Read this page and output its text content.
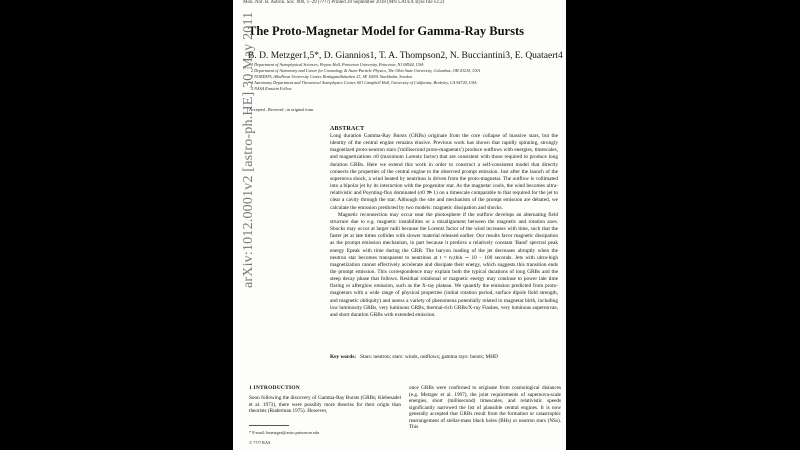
Mon. Not. R. Astron. Soc. 000, 1–29 (????) Printed 20 September 2018 (MN LATEX style file v2.2)
The Proto-Magnetar Model for Gamma-Ray Bursts
B. D. Metzger1,5*, D. Giannios1, T. A. Thompson2, N. Bucciantini3, E. Quataert4
1 Department of Astrophysical Sciences, Peyton Hall, Princeton University, Princeton, NJ 08544, USA
2 Department of Astronomy and Center for Cosmology & Astro-Particle Physics, The Ohio State University, Columbus, OH 43210, USA
3 NORDITA, AlbaNova University Center, Roslagstullsbacken 23, SE 10691 Stockholm, Sweden
4 Astronomy Department and Theoretical Astrophysics Center, 601 Campbell Hall, University of California, Berkeley, CA 94720, USA
5 NASA Einstein Fellow
arXiv:1012.0001v2 [astro-ph.HE] 30 May 2011
Accepted . Received ; in original form
ABSTRACT

Long duration Gamma-Ray Bursts (GRBs) originate from the core collapse of massive stars, but the identity of the central engine remains elusive. Previous work has shown that rapidly spinning, strongly magnetized proto-neutron stars ('millisecond proto-magnetars') produce outflows with energies, timescales, and magnetizations σ0 (maximum Lorentz factor) that are consistent with those required to produce long duration GRBs. Here we extend this work in order to construct a self-consistent model that directly connects the properties of the central engine to the observed prompt emission. Just after the launch of the supernova shock, a wind heated by neutrinos is driven from the proto-magnetar. The outflow is collimated into a bipolar jet by its interaction with the progenitor star. As the magnetar cools, the wind becomes ultra-relativistic and Poynting-flux dominated (σ0 ≫ 1) on a timescale comparable to that required for the jet to clear a cavity through the star. Although the site and mechanism of the prompt emission are debated, we calculate the emission predicted by two models: magnetic dissipation and shocks.

Magnetic reconnection may occur near the photosphere if the outflow develops an alternating field structure due to e.g. magnetic instabilities or a misalignment between the magnetic and rotation axes. Shocks may occur at larger radii because the Lorentz factor of the wind increases with time, such that the faster jet at late times collides with slower material released earlier. Our results favor magnetic dissipation as the prompt emission mechanism, in part because it predicts a relatively constant 'Band' spectral peak energy Epeak with time during the GRB. The baryon loading of the jet decreases abruptly when the neutron star becomes transparent to neutrinos at t = tν,thin ∼ 10 − 100 seconds. Jets with ultra-high magnetization cannot effectively accelerate and dissipate their energy, which suggests this transition ends the prompt emission. This correspondence may explain both the typical durations of long GRBs and the steep decay phase that follows. Residual rotational or magnetic energy may continue to power late time flaring or afterglow emission, such as the X-ray plateau. We quantify the emission predicted from proto-magnetars with a wide range of physical properties (initial rotation period, surface dipole field strength, and magnetic obliquity) and assess a variety of phenomena potentially related to magnetar birth, including low luminosity GRBs, very luminous GRBs, thermal-rich GRBs/X-ray Flashes, very luminous supernovae, and short duration GRBs with extended emission.

Key words: Stars: neutron; stars: winds, outflows; gamma rays: bursts; MHD
1 INTRODUCTION

Soon following the discovery of Gamma-Ray Bursts (GRBs; Klebesadel et al. 1973), there were possibly more theories for their origin than theorists (Ruderman 1975). However,

once GRBs were confirmed to originate from cosmological distances (e.g. Metzger et al. 1997), the joint requirements of supernova-scale energies, short (millisecond) timescales, and relativistic speeds significantly narrowed the list of plausible central engines. It is now generally accepted that GRBs result from the formation or catastrophic rearrangement of stellar-mass black holes (BHs) or neutron stars (NSs). This

* E-mail: bmetzger@astro.princeton.edu
© ???? RAS
